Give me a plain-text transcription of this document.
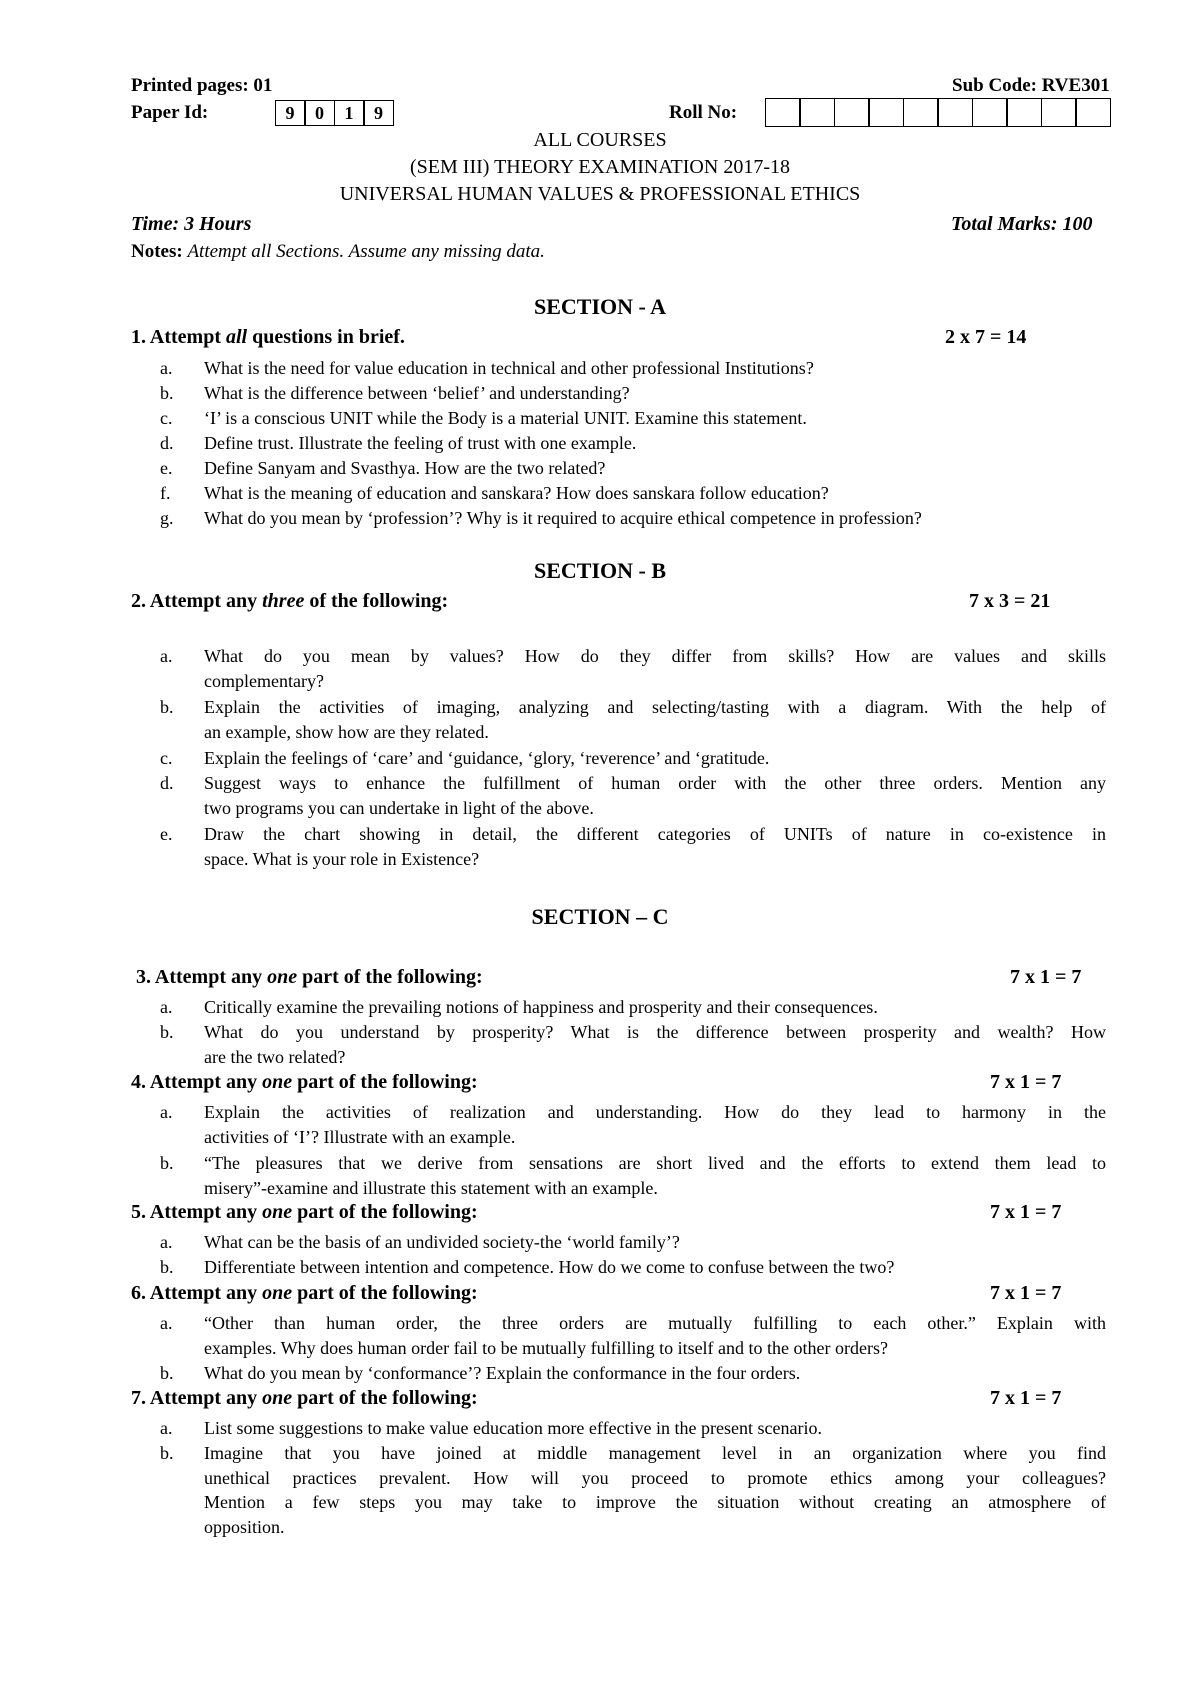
Printed pages: 01	Sub Code: RVE301
Paper Id:	9	0	1	9	Roll No:
ALL COURSES
(SEM III) THEORY EXAMINATION 2017-18
UNIVERSAL HUMAN VALUES & PROFESSIONAL ETHICS
Time: 3 Hours	Total Marks: 100
Notes: Attempt all Sections. Assume any missing data.
SECTION - A
1. Attempt all questions in brief.	2 x 7 = 14
a.	What is the need for value education in technical and other professional Institutions?
b.	What is the difference between ‘belief’ and understanding?
c.	‘I’ is a conscious UNIT while the Body is a material UNIT. Examine this statement.
d.	Define trust. Illustrate the feeling of trust with one example.
e.	Define Sanyam and Svasthya. How are the two related?
f.	What is the meaning of education and sanskara? How does sanskara follow education?
g.	What do you mean by ‘profession’? Why is it required to acquire ethical competence in profession?
SECTION - B
2. Attempt any three of the following:	7 x 3 = 21
a.	What do you mean by values? How do they differ from skills? How are values and skills
complementary?
b.	Explain the activities of imaging, analyzing and selecting/tasting with a diagram. With the help of
an example, show how are they related.
c.	Explain the feelings of ‘care’ and ‘guidance, ‘glory, ‘reverence’ and ‘gratitude.
d.	Suggest ways to enhance the fulfillment of human order with the other three orders. Mention any
two programs you can undertake in light of the above.
e.	Draw the chart showing in detail, the different categories of UNITs of nature in co-existence in
space. What is your role in Existence?
SECTION – C
3. Attempt any one part of the following:	7 x 1 = 7
a.	Critically examine the prevailing notions of happiness and prosperity and their consequences.
b.	What do you understand by prosperity? What is the difference between prosperity and wealth? How
are the two related?
4. Attempt any one part of the following:	7 x 1 = 7
a.	Explain the activities of realization and understanding. How do they lead to harmony in the
activities of ‘I’? Illustrate with an example.
b.	“The pleasures that we derive from sensations are short lived and the efforts to extend them lead to
misery”-examine and illustrate this statement with an example.
5. Attempt any one part of the following:	7 x 1 = 7
a.	What can be the basis of an undivided society-the ‘world family’?
b.	Differentiate between intention and competence. How do we come to confuse between the two?
6. Attempt any one part of the following:	7 x 1 = 7
a.	“Other than human order, the three orders are mutually fulfilling to each other.” Explain with
examples. Why does human order fail to be mutually fulfilling to itself and to the other orders?
b.	What do you mean by ‘conformance’? Explain the conformance in the four orders.
7. Attempt any one part of the following:	7 x 1 = 7
a.	List some suggestions to make value education more effective in the present scenario.
b.	Imagine that you have joined at middle management level in an organization where you find
unethical practices prevalent. How will you proceed to promote ethics among your colleagues?
Mention a few steps you may take to improve the situation without creating an atmosphere of
opposition.
